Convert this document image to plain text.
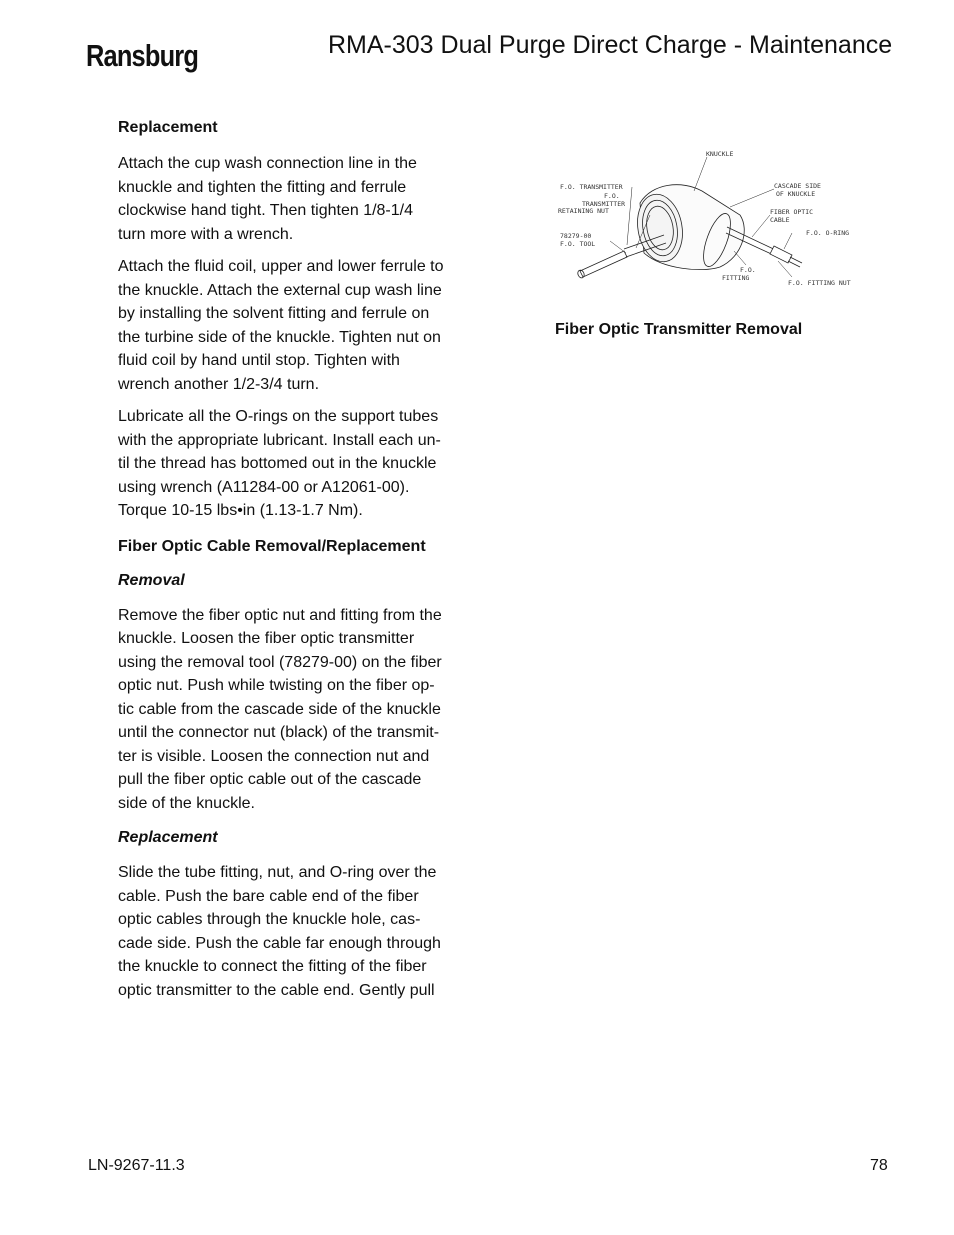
Ransburg	RMA-303 Dual Purge Direct Charge - Maintenance
Replacement
Attach the cup wash connection line in the
knuckle and tighten the fitting and ferrule
clockwise hand tight. Then tighten 1/8-1/4
turn more with a wrench.
Attach the fluid coil, upper and lower ferrule to
the knuckle. Attach the external cup wash line
by installing the solvent fitting and ferrule on
the turbine side of the knuckle. Tighten nut on
fluid coil by hand until stop. Tighten with
wrench another 1/2-3/4 turn.
Lubricate all the O-rings on the support tubes
with the appropriate lubricant. Install each un-
til the thread has bottomed out in the knuckle
using wrench (A11284-00 or A12061-00).
Torque 10-15 lbs•in (1.13-1.7 Nm).
Fiber Optic Cable Removal/Replacement
Removal
Remove the fiber optic nut and fitting from the
knuckle. Loosen the fiber optic transmitter
using the removal tool (78279-00) on the fiber
optic nut. Push while twisting on the fiber op-
tic cable from the cascade side of the knuckle
until the connector nut (black) of the transmit-
ter is visible. Loosen the connection nut and
pull the fiber optic cable out of the cascade
side of the knuckle.
Replacement
Slide the tube fitting, nut, and O-ring over the
cable. Push the bare cable end of the fiber
optic cables through the knuckle hole, cas-
cade side. Push the cable far enough through
the knuckle to connect the fitting of the fiber
optic transmitter to the cable end. Gently pull
KNUCKLE
F.O. TRANSMITTER
F.O.
TRANSMITTER
RETAINING NUT
78279-00
F.O. TOOL
CASCADE SIDE
OF KNUCKLE
FIBER OPTIC
CABLE
F.O. O-RING
F.O.
FITTING
F.O. FITTING NUT
Fiber Optic Transmitter Removal
LN-9267-11.3	78
